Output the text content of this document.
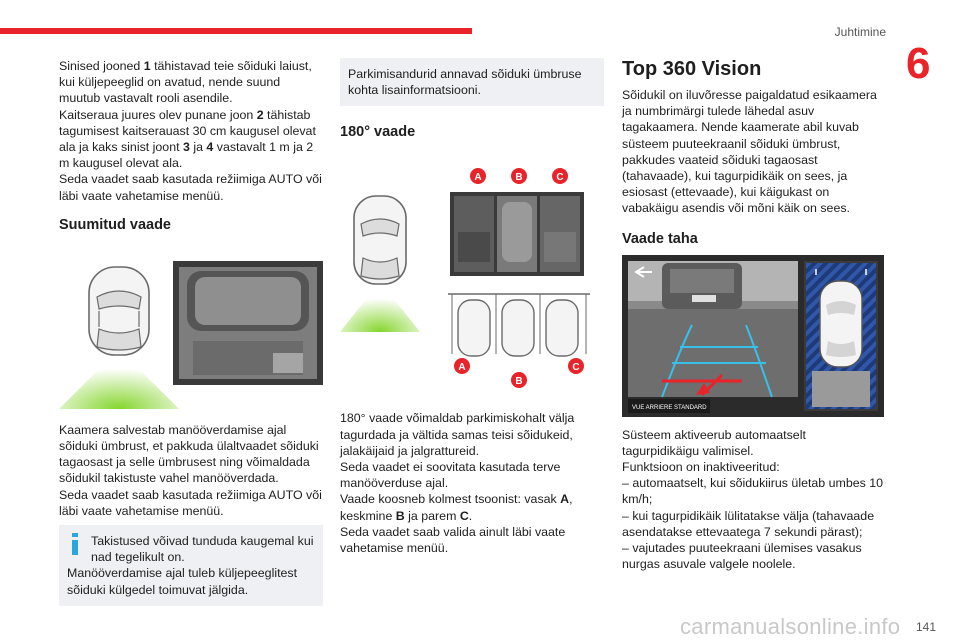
Juhtimine
6

Sinised jooned 1 tähistavad teie sõiduki laiust, kui küljepeeglid on avatud, nende suund muutub vastavalt rooli asendile.
Kaitseraua juures olev punane joon 2 tähistab tagumisest kaitserauast 30 cm kaugusel olevat ala ja kaks sinist joont 3 ja 4 vastavalt 1 m ja 2 m kaugusel olevat ala.
Seda vaadet saab kasutada režiimiga AUTO või läbi vaate vahetamise menüü.

Suumitud vaade

Kaamera salvestab manööverdamise ajal sõiduki ümbrust, et pakkuda ülaltvaadet sõiduki tagaosast ja selle ümbrusest ning võimaldada sõidukil takistuste vahel manööverdada.
Seda vaadet saab kasutada režiimiga AUTO või läbi vaate vahetamise menüü.

Takistused võivad tunduda kaugemal kui nad tegelikult on.
Manööverdamise ajal tuleb küljepeeglitest sõiduki külgedel toimuvat jälgida.
Parkimisandurid annavad sõiduki ümbruse kohta lisainformatsiooni.
180° vaade
A	B	C
A
B
C

180° vaade võimaldab parkimiskohalt välja tagurdada ja vältida samas teisi sõidukeid, jalakäijaid ja jalgrattureid.
Seda vaadet ei soovitata kasutada terve manööverduse ajal.
Vaade koosneb kolmest tsoonist: vasak A, keskmine B ja parem C.
Seda vaadet saab valida ainult läbi vaate vahetamise menüü.

Top 360 Vision

Sõidukil on iluvõresse paigaldatud esikaamera ja numbrimärgi tulede lähedal asuv tagakaamera. Nende kaamerate abil kuvab süsteem puuteekraanil sõiduki ümbrust, pakkudes vaateid sõiduki tagaosast (tahavaade), kui tagurpidikäik on sees, ja esiosast (ettevaade), kui käigukast on vabakäigu asendis või mõni käik on sees.

Vaade taha
VUE ARRIERE STANDARD

Süsteem aktiveerub automaatselt tagurpidikäigu valimisel.
Funktsioon on inaktiveeritud:
– automaatselt, kui sõidukiirus ületab umbes 10 km/h;
– kui tagurpidikäik lülitatakse välja (tahavaade asendatakse ettevaatega 7 sekundi pärast);
– vajutades puuteekraani ülemises vasakus nurgas asuvale valgele noolele.

141
carmanualsonline.info
